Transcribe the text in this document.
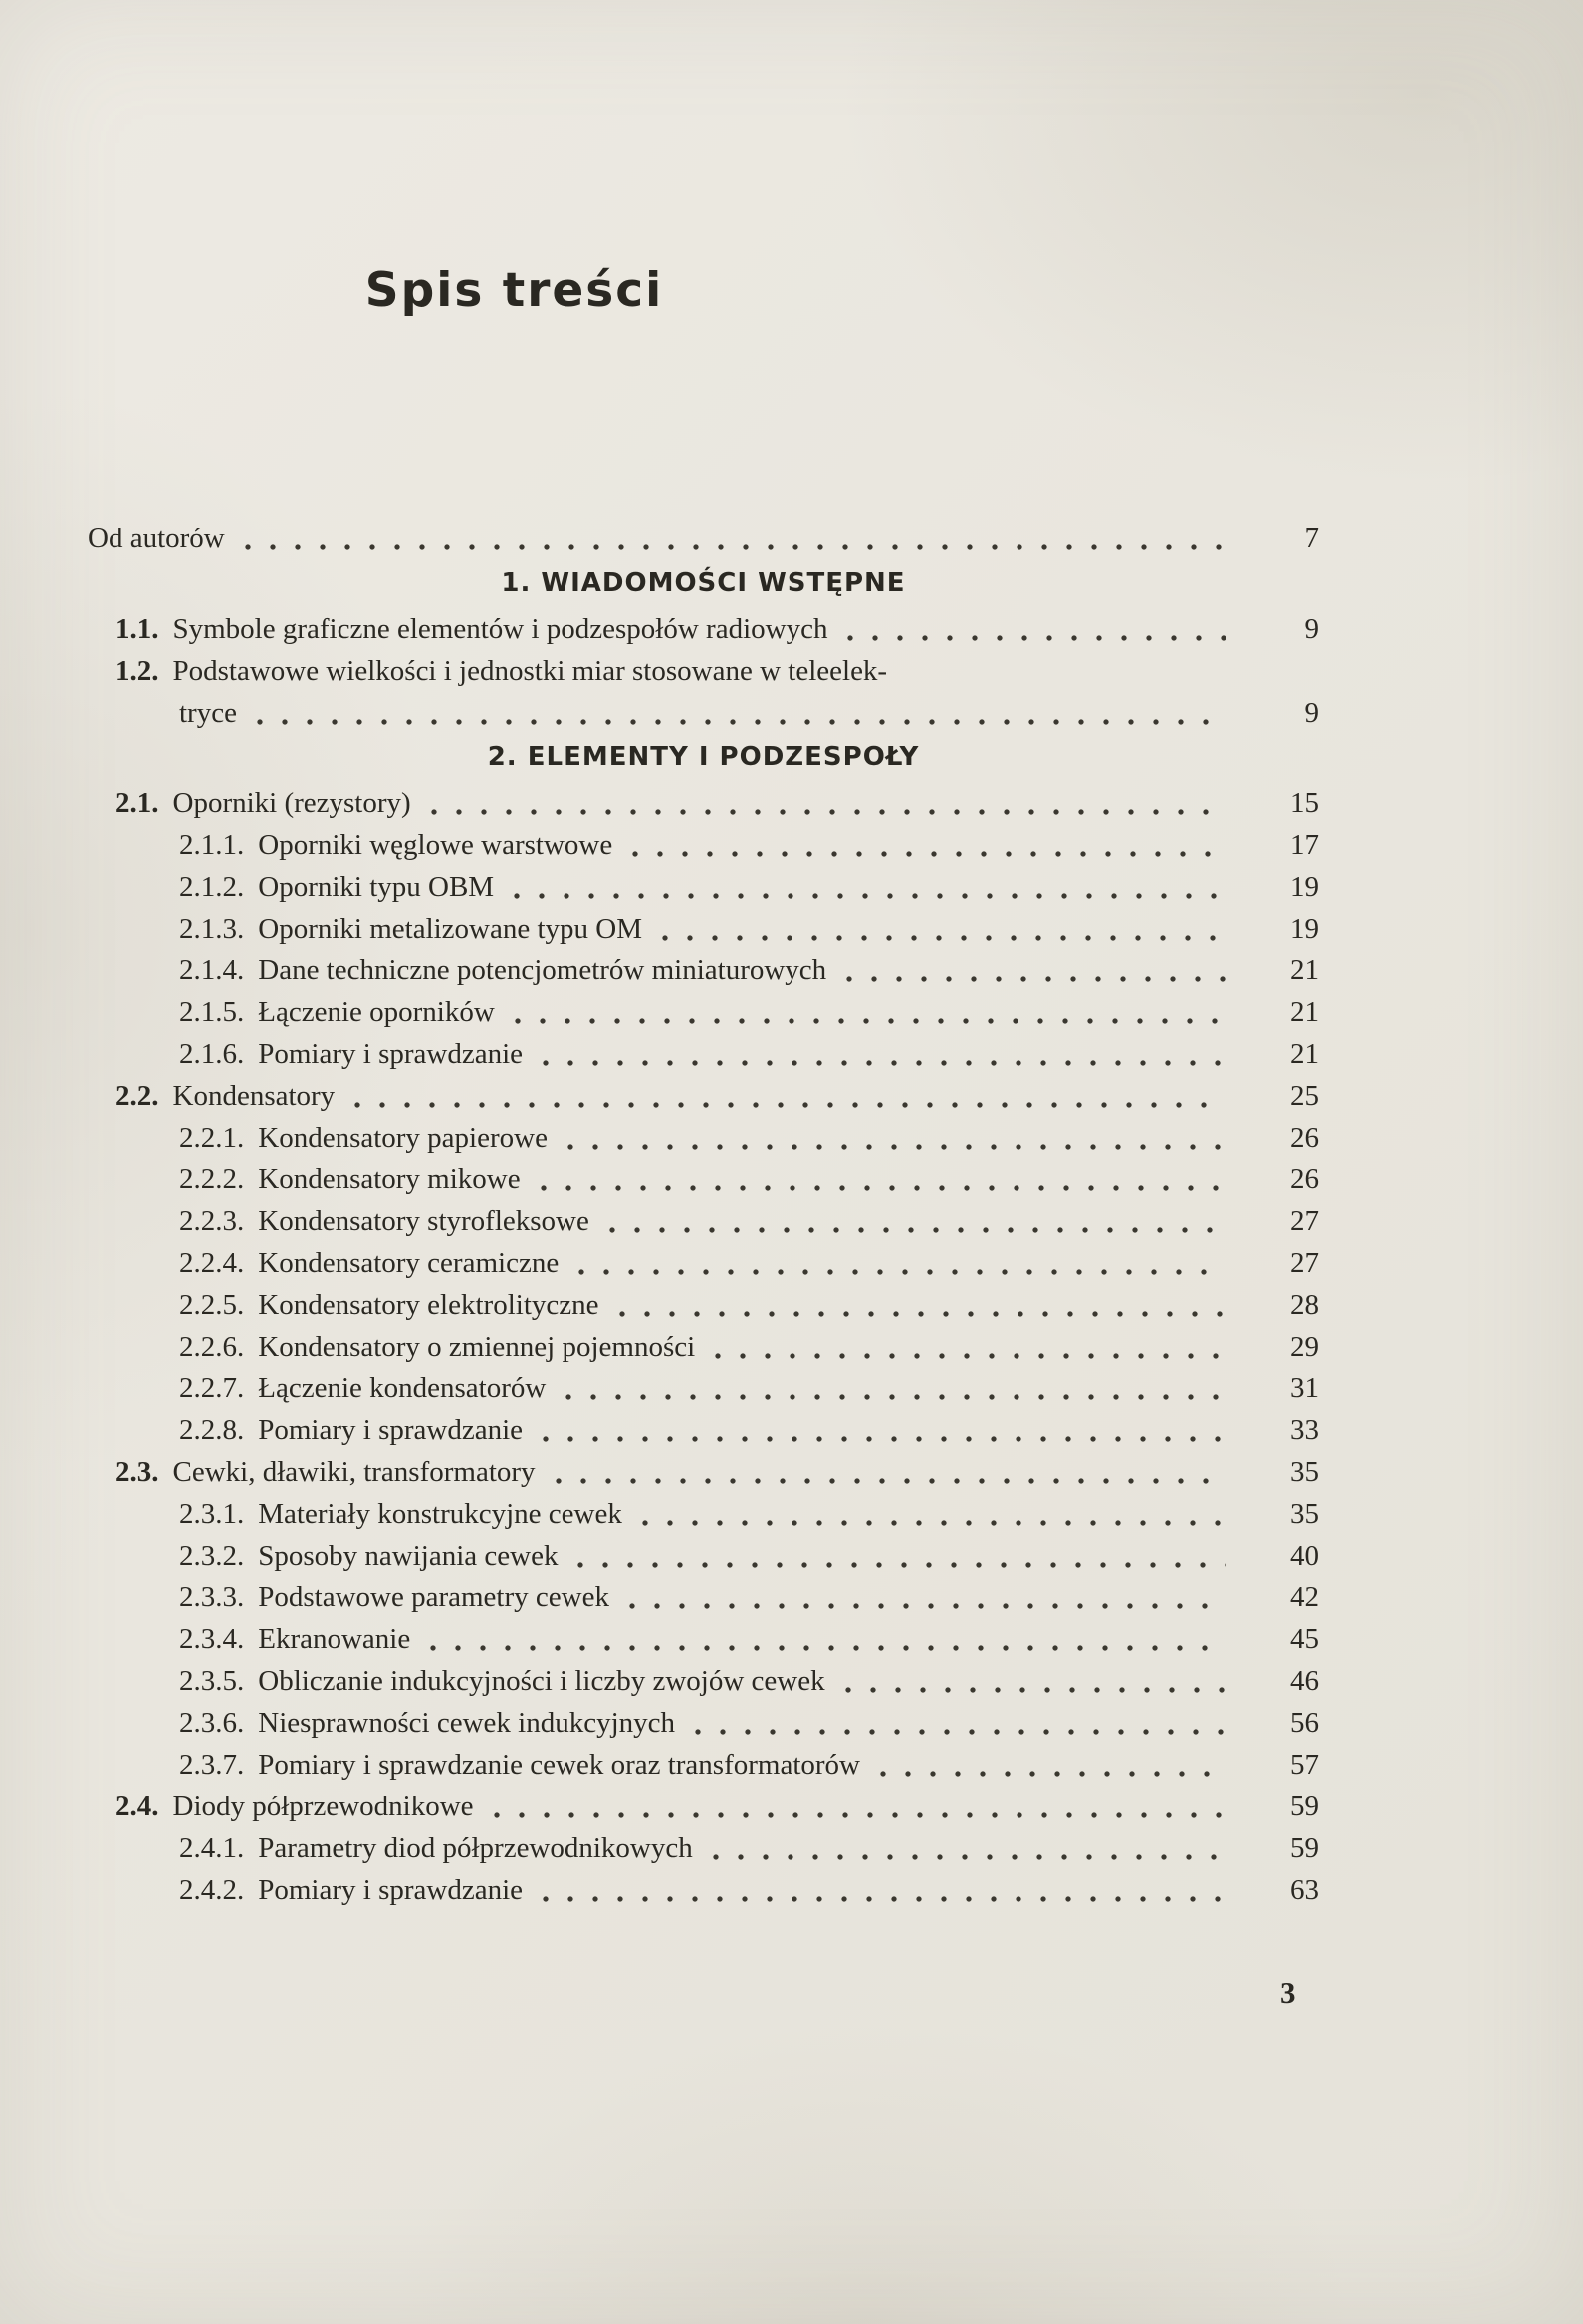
Spis treści
Od autorów	7
1. WIADOMOŚCI WSTĘPNE
1.1. Symbole graficzne elementów i podzespołów radiowych	9
1.2. Podstawowe wielkości i jednostki miar stosowane w teleelek-
tryce	9
2. ELEMENTY I PODZESPOŁY
2.1. Oporniki (rezystory)	15
2.1.1. Oporniki węglowe warstwowe	17
2.1.2. Oporniki typu OBM	19
2.1.3. Oporniki metalizowane typu OM	19
2.1.4. Dane techniczne potencjometrów miniaturowych	21
2.1.5. Łączenie oporników	21
2.1.6. Pomiary i sprawdzanie	21
2.2. Kondensatory	25
2.2.1. Kondensatory papierowe	26
2.2.2. Kondensatory mikowe	26
2.2.3. Kondensatory styrofleksowe	27
2.2.4. Kondensatory ceramiczne	27
2.2.5. Kondensatory elektrolityczne	28
2.2.6. Kondensatory o zmiennej pojemności	29
2.2.7. Łączenie kondensatorów	31
2.2.8. Pomiary i sprawdzanie	33
2.3. Cewki, dławiki, transformatory	35
2.3.1. Materiały konstrukcyjne cewek	35
2.3.2. Sposoby nawijania cewek	40
2.3.3. Podstawowe parametry cewek	42
2.3.4. Ekranowanie	45
2.3.5. Obliczanie indukcyjności i liczby zwojów cewek	46
2.3.6. Niesprawności cewek indukcyjnych	56
2.3.7. Pomiary i sprawdzanie cewek oraz transformatorów	57
2.4. Diody półprzewodnikowe	59
2.4.1. Parametry diod półprzewodnikowych	59
2.4.2. Pomiary i sprawdzanie	63
3
